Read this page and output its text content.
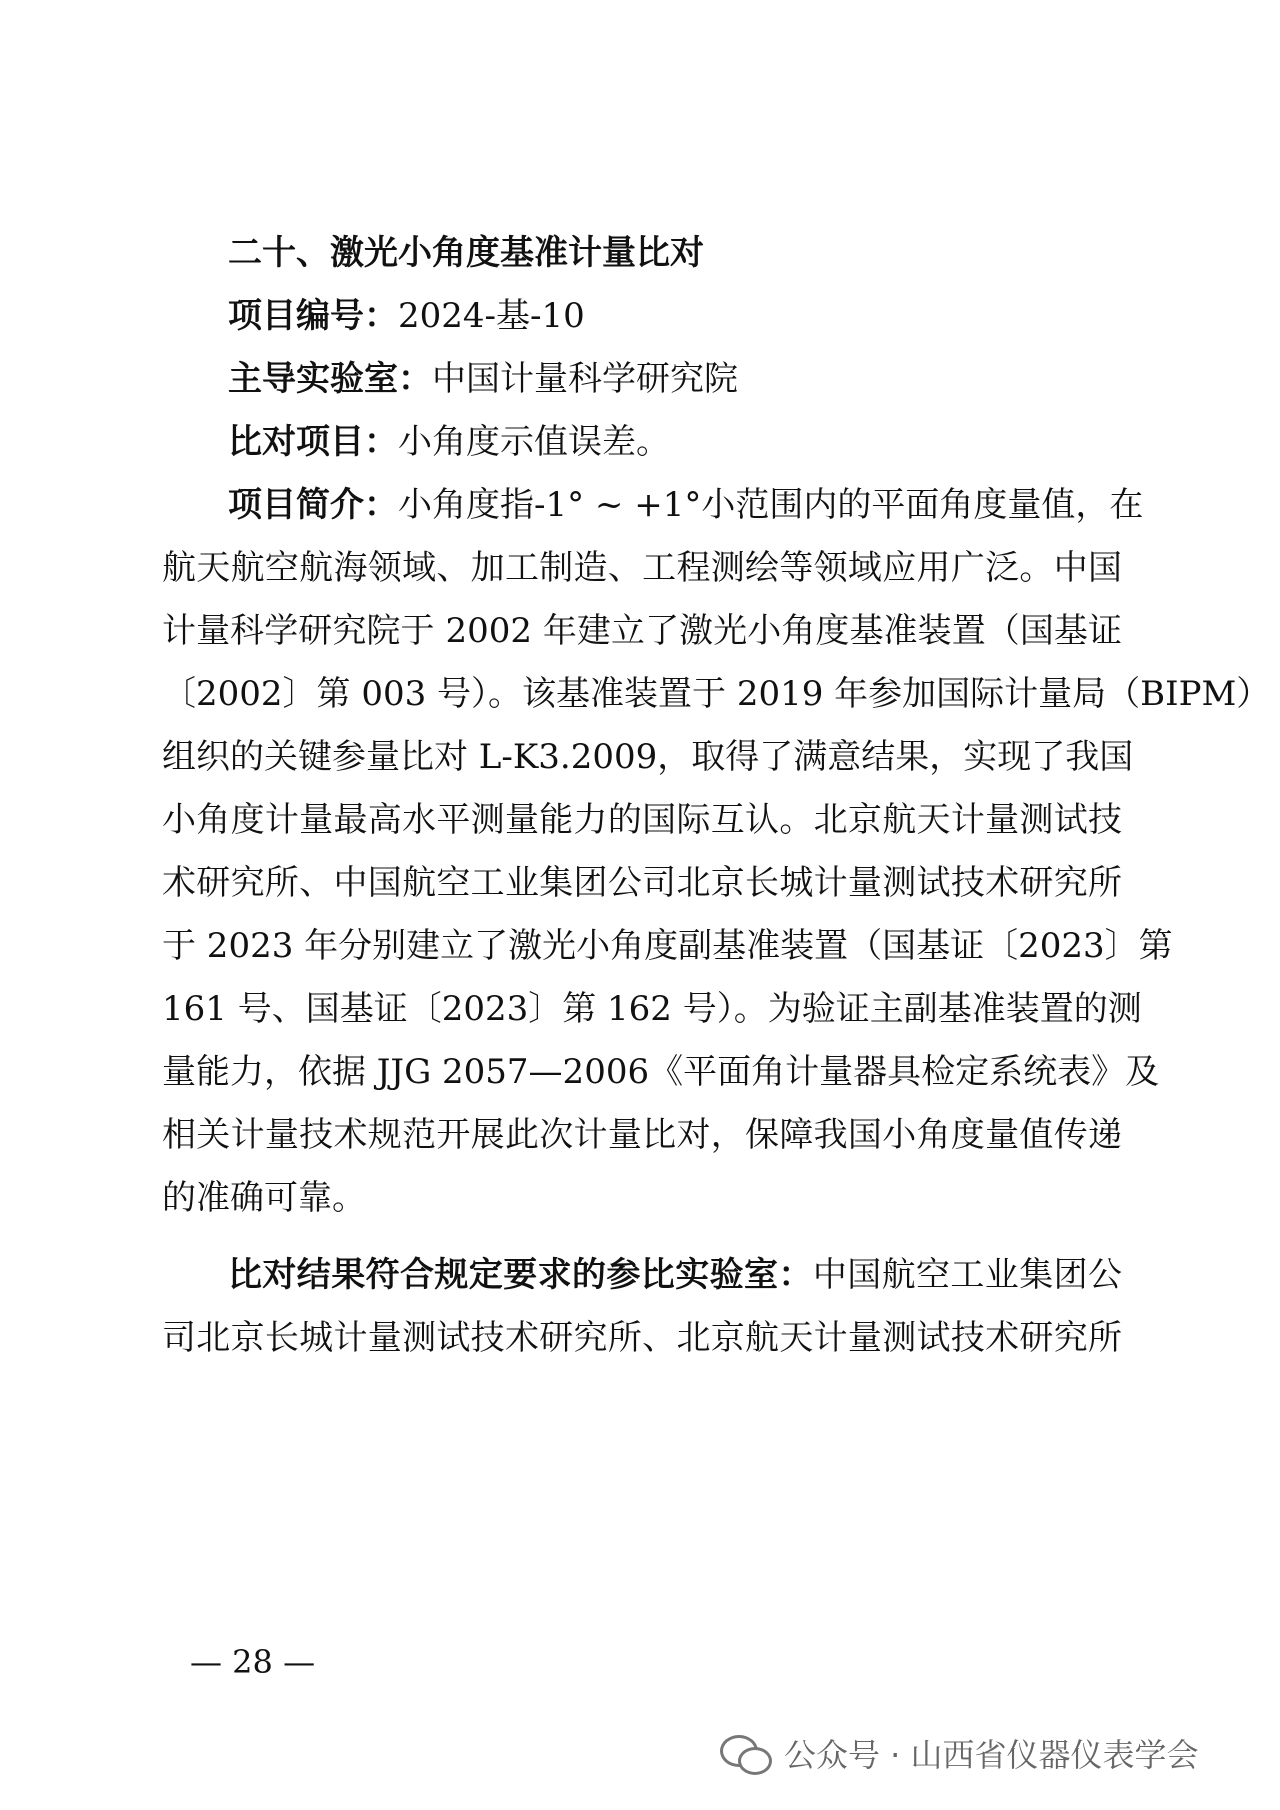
二十、激光小角度基准计量比对
项目编号：2024-基-10
主导实验室：中国计量科学研究院
比对项目：小角度示值误差。
项目简介：小角度指-1° ~ +1°小范围内的平面角度量值，在
航天航空航海领域、加工制造、工程测绘等领域应用广泛。中国
计量科学研究院于 2002 年建立了激光小角度基准装置（国基证
〔2002〕第 003 号）。该基准装置于 2019 年参加国际计量局（BIPM）
组织的关键参量比对 L-K3.2009，取得了满意结果，实现了我国
小角度计量最高水平测量能力的国际互认。北京航天计量测试技
术研究所、中国航空工业集团公司北京长城计量测试技术研究所
于 2023 年分别建立了激光小角度副基准装置（国基证〔2023〕第
161 号、国基证〔2023〕第 162 号）。为验证主副基准装置的测
量能力，依据 JJG 2057—2006《平面角计量器具检定系统表》及
相关计量技术规范开展此次计量比对，保障我国小角度量值传递
的准确可靠。
比对结果符合规定要求的参比实验室：中国航空工业集团公
司北京长城计量测试技术研究所、北京航天计量测试技术研究所
— 28 —
公众号 · 山西省仪器仪表学会
